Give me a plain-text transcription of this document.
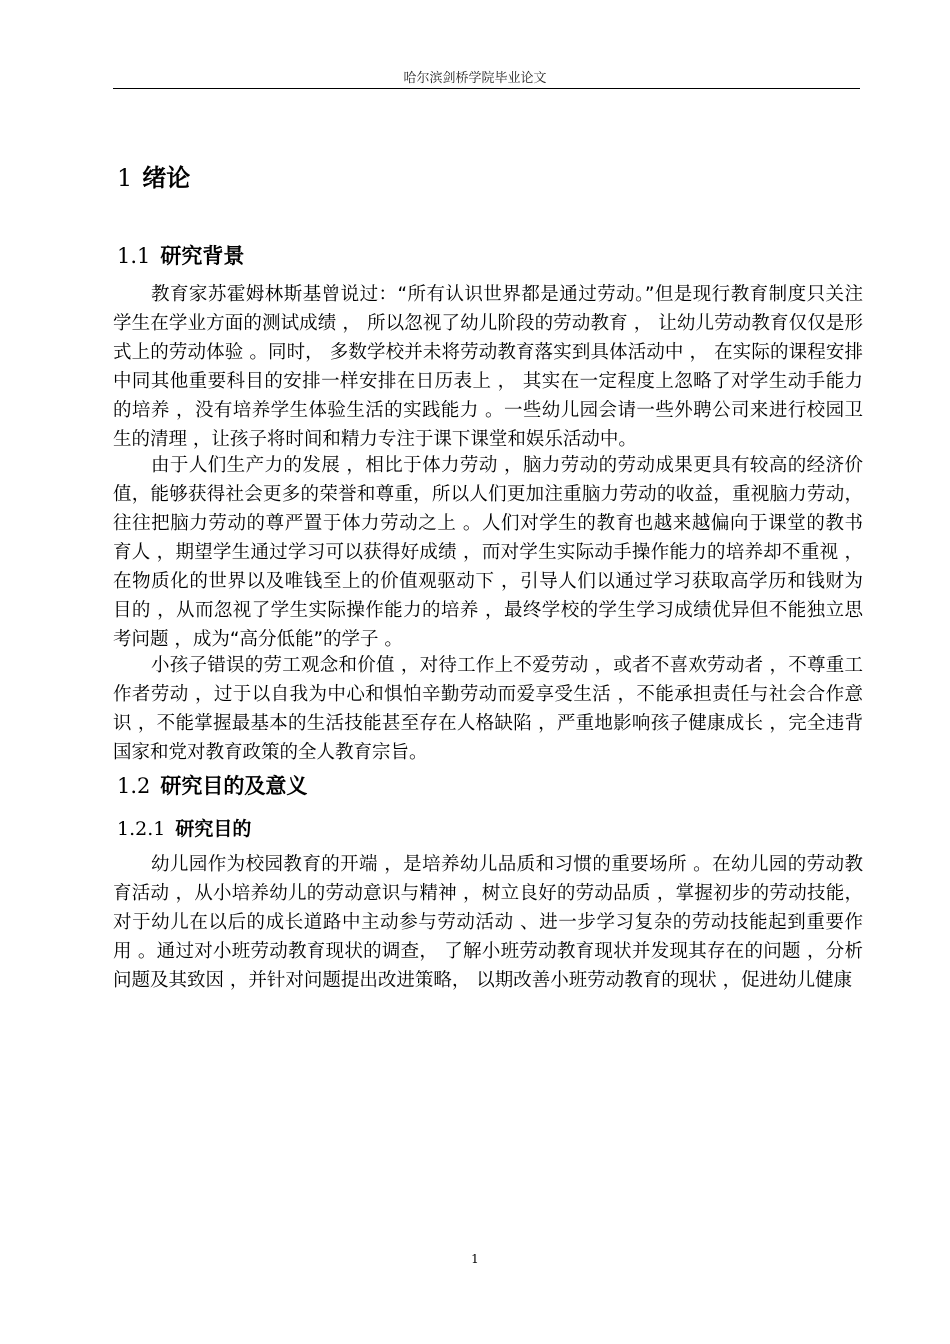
哈尔滨剑桥学院毕业论文
1 绪论
1.1 研究背景

教育家苏霍姆林斯基曾说过：“所有认识世界都是通过劳动。”但是现行教育制度只关注 学生在学业方面的测试成绩 ， 所以忽视了幼儿阶段的劳动教育 ， 让幼儿劳动教育仅仅是形 式上的劳动体验 。同时， 多数学校并未将劳动教育落实到具体活动中 ， 在实际的课程安排 中同其他重要科目的安排一样安排在日历表上 ， 其实在一定程度上忽略了对学生动手能力 的培养 ，没有培养学生体验生活的实践能力 。一些幼儿园会请一些外聘公司来进行校园卫 生的清理 ，让孩子将时间和精力专注于课下课堂和娱乐活动中。

由于人们生产力的发展 ，相比于体力劳动 ，脑力劳动的劳动成果更具有较高的经济价 值，能够获得社会更多的荣誉和尊重，所以人们更加注重脑力劳动的收益，重视脑力劳动， 往往把脑力劳动的尊严置于体力劳动之上 。人们对学生的教育也越来越偏向于课堂的教书 育人 ，期望学生通过学习可以获得好成绩 ，而对学生实际动手操作能力的培养却不重视 ， 在物质化的世界以及唯钱至上的价值观驱动下 ，引导人们以通过学习获取高学历和钱财为 目的 ，从而忽视了学生实际操作能力的培养 ，最终学校的学生学习成绩优异但不能独立思 考问题 ，成为“高分低能”的学子 。

小孩子错误的劳工观念和价值 ，对待工作上不爱劳动 ，或者不喜欢劳动者 ，不尊重工 作者劳动 ，过于以自我为中心和惧怕辛勤劳动而爱享受生活 ，不能承担责任与社会合作意 识 ，不能掌握最基本的生活技能甚至存在人格缺陷 ，严重地影响孩子健康成长 ，完全违背 国家和党对教育政策的全人教育宗旨。

1.2 研究目的及意义
1.2.1 研究目的

幼儿园作为校园教育的开端 ，是培养幼儿品质和习惯的重要场所 。在幼儿园的劳动教 育活动 ，从小培养幼儿的劳动意识与精神 ，树立良好的劳动品质 ，掌握初步的劳动技能， 对于幼儿在以后的成长道路中主动参与劳动活动 、进一步学习复杂的劳动技能起到重要作 用 。通过对小班劳动教育现状的调查， 了解小班劳动教育现状并发现其存在的问题 ，分析 问题及其致因 ，并针对问题提出改进策略， 以期改善小班劳动教育的现状 ，促进幼儿健康

1
